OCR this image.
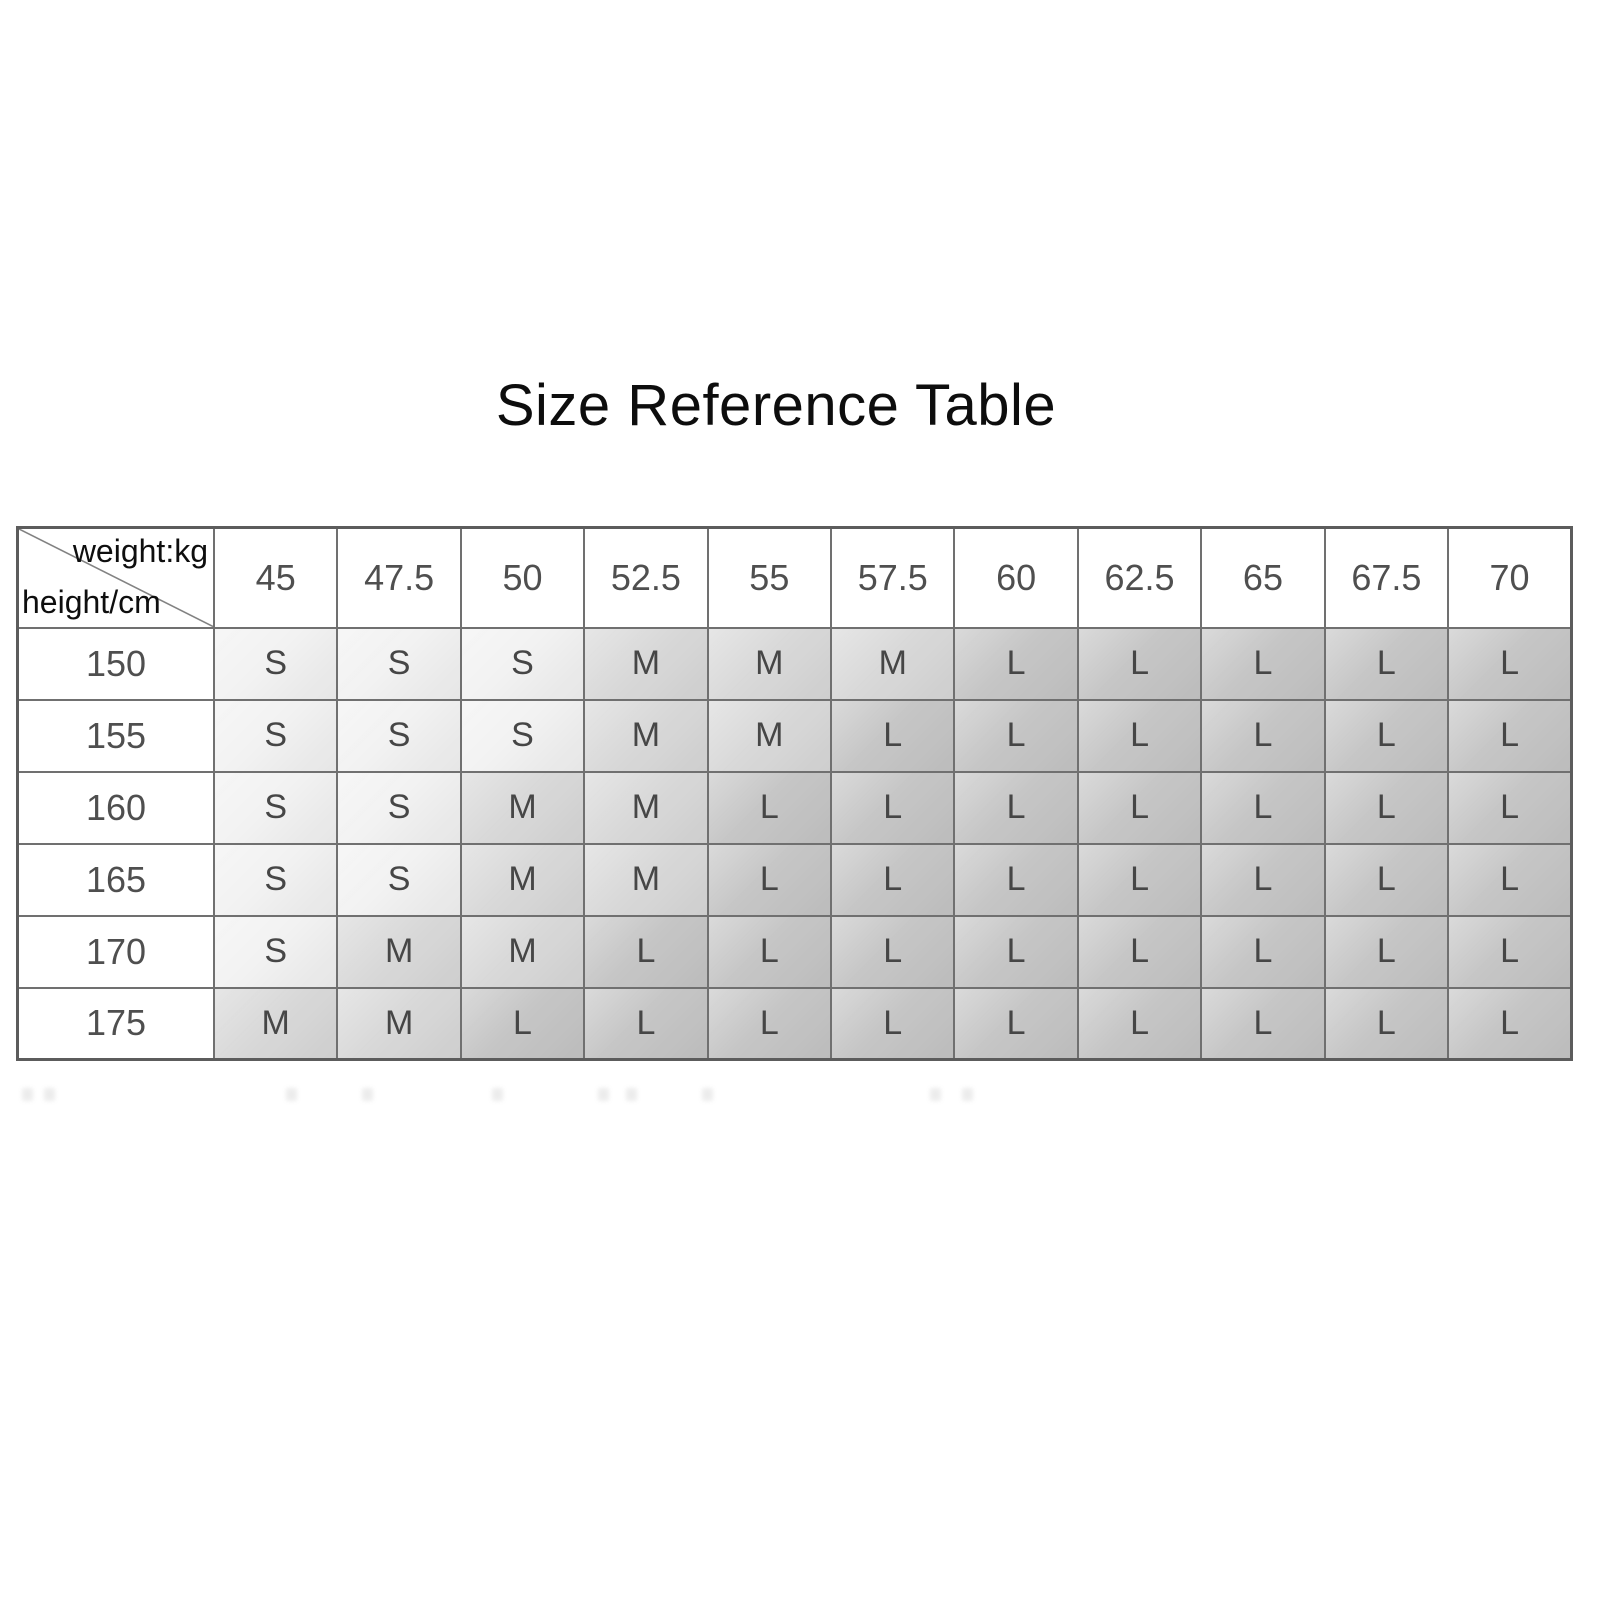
Size Reference Table
weight:kg
height/cm	45	47.5	50	52.5	55	57.5	60	62.5	65	67.5	70
150	S	S	S	M	M	M	L	L	L	L	L
155	S	S	S	M	M	L	L	L	L	L	L
160	S	S	M	M	L	L	L	L	L	L	L
165	S	S	M	M	L	L	L	L	L	L	L
170	S	M	M	L	L	L	L	L	L	L	L
175	M	M	L	L	L	L	L	L	L	L	L
